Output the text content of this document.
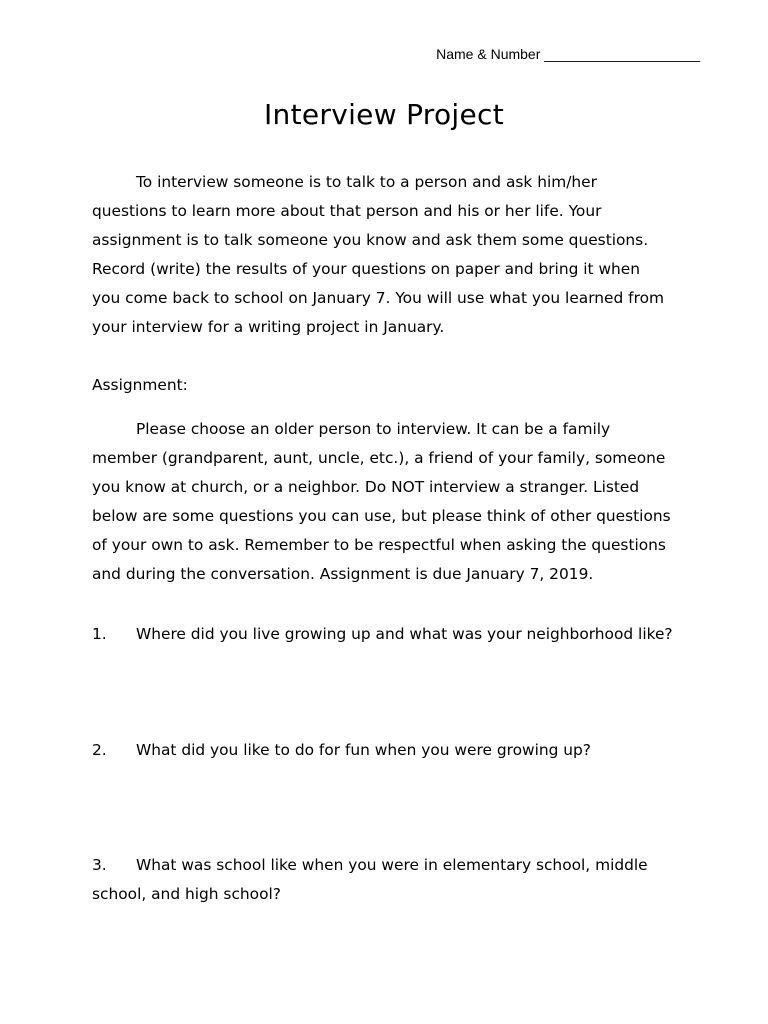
Name & Number ____________________
Interview Project
To interview someone is to talk to a person and ask him/her
questions to learn more about that person and his or her life. Your
assignment is to talk someone you know and ask them some questions.
Record (write) the results of your questions on paper and bring it when
you come back to school on January 7. You will use what you learned from
your interview for a writing project in January.
Assignment:
Please choose an older person to interview. It can be a family
member (grandparent, aunt, uncle, etc.), a friend of your family, someone
you know at church, or a neighbor. Do NOT interview a stranger. Listed
below are some questions you can use, but please think of other questions
of your own to ask. Remember to be respectful when asking the questions
and during the conversation. Assignment is due January 7, 2019.
1. Where did you live growing up and what was your neighborhood like?
2. What did you like to do for fun when you were growing up?
3. What was school like when you were in elementary school, middle
school, and high school?
